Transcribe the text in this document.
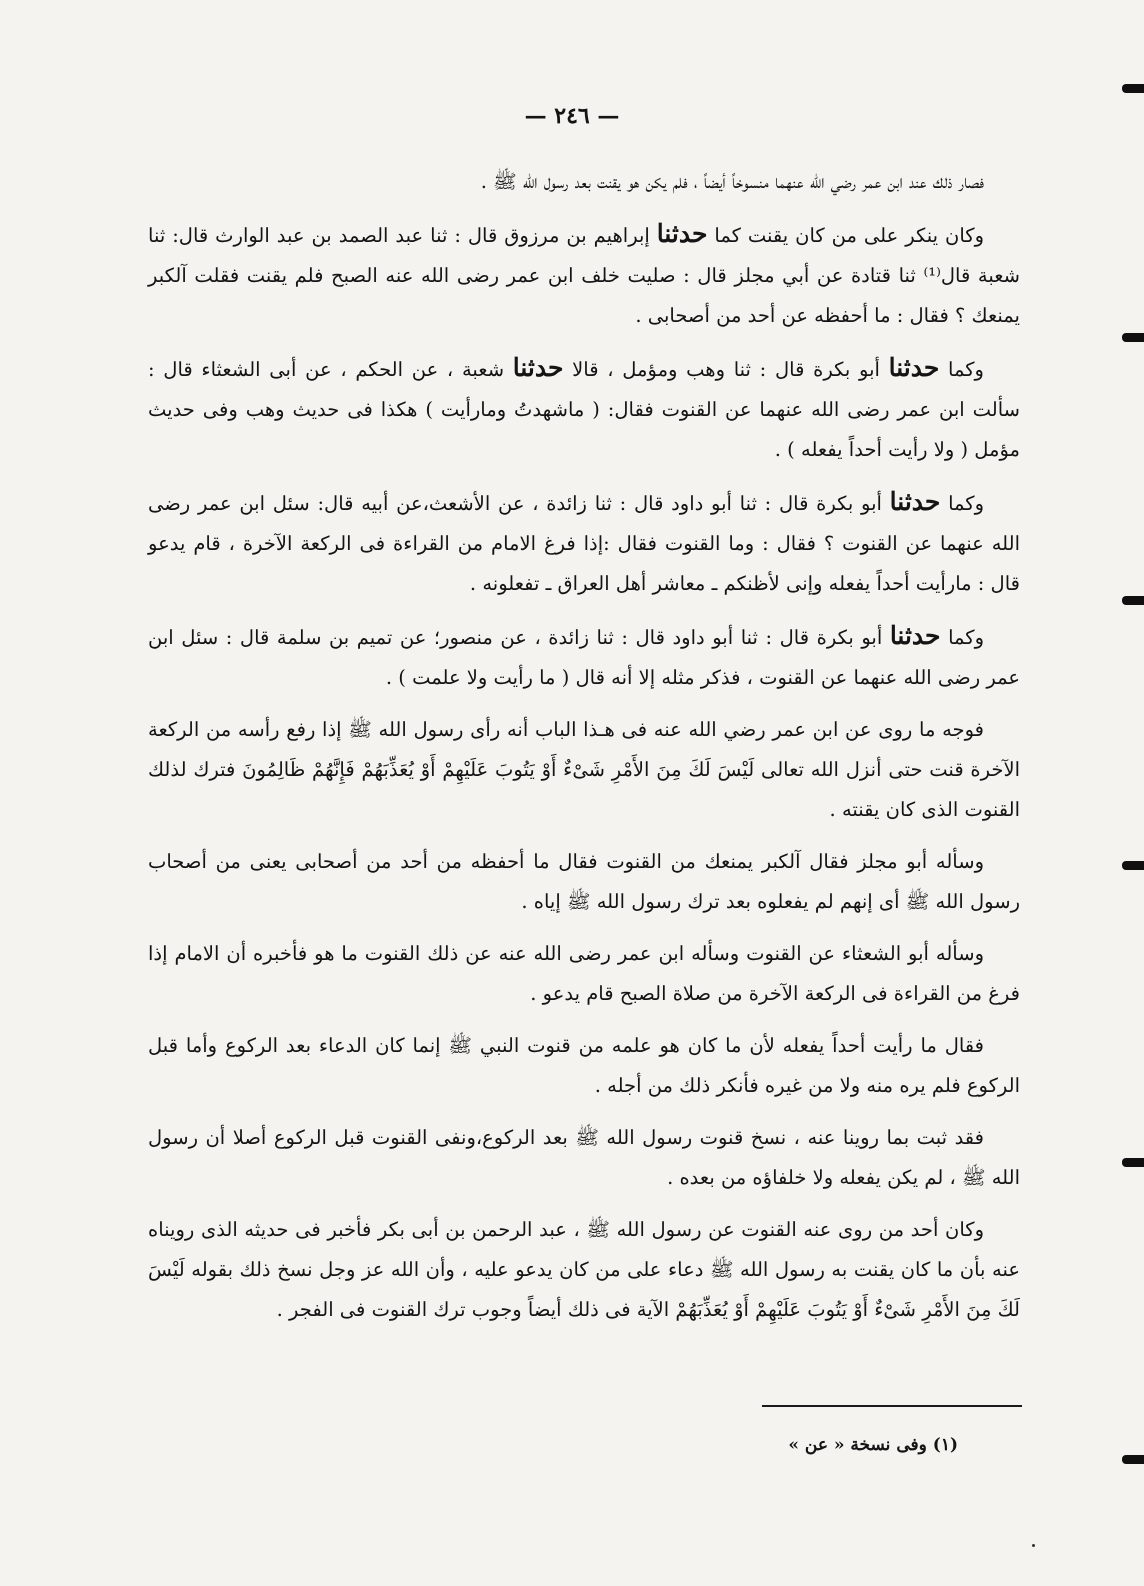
— ٢٤٦ —

فصار ذلك عند ابن عمر رضي الله عنهما منسوخاً أيضاً ، فلم يكن هو يقنت بعد رسول الله ﷺ .

وكان ينكر على من كان يقنت كما حدثنا إبراهيم بن مرزوق قال : ثنا عبد الصمد بن عبد الوارث قال: ثنا شعبة قال⁽¹⁾ ثنا قتادة عن أبي مجلز قال : صليت خلف ابن عمر رضى الله عنه الصبح فلم يقنت فقلت آلكبر يمنعك ؟ فقال : ما أحفظه عن أحد من أصحابى .

وكما حدثنا أبو بكرة قال : ثنا وهب ومؤمل ، قالا حدثنا شعبة ، عن الحكم ، عن أبى الشعثاء قال : سألت ابن عمر رضى الله عنهما عن القنوت فقال: ( ماشهدتُ ومارأيت ) هكذا فى حديث وهب وفى حديث مؤمل ( ولا رأيت أحداً يفعله ) .

وكما حدثنا أبو بكرة قال : ثنا أبو داود قال : ثنا زائدة ، عن الأشعث،عن أبيه قال: سئل ابن عمر رضى الله عنهما عن القنوت ؟ فقال : وما القنوت فقال :إذا فرغ الامام من القراءة فى الركعة الآخرة ، قام يدعو قال : مارأيت أحداً يفعله وإنى لأظنكم ـ معاشر أهل العراق ـ تفعلونه .

وكما حدثنا أبو بكرة قال : ثنا أبو داود قال : ثنا زائدة ، عن منصور؛ عن تميم بن سلمة قال : سئل ابن عمر رضى الله عنهما عن القنوت ، فذكر مثله إلا أنه قال ( ما رأيت ولا علمت ) .

فوجه ما روى عن ابن عمر رضي الله عنه فى هـذا الباب أنه رأى رسول الله ﷺ إذا رفع رأسه من الركعة الآخرة قنت حتى أنزل الله تعالى لَيْسَ لَكَ مِنَ الأَمْرِ شَىْءٌ أَوْ يَتُوبَ عَلَيْهِمْ أَوْ يُعَذِّبَهُمْ فَإِنَّهُمْ ظَالِمُونَ فترك لذلك القنوت الذى كان يقنته .

وسأله أبو مجلز فقال آلكبر يمنعك من القنوت فقال ما أحفظه من أحد من أصحابى يعنى من أصحاب رسول الله ﷺ أى إنهم لم يفعلوه بعد ترك رسول الله ﷺ إياه .

وسأله أبو الشعثاء عن القنوت وسأله ابن عمر رضى الله عنه عن ذلك القنوت ما هو فأخبره أن الامام إذا فرغ من القراءة فى الركعة الآخرة من صلاة الصبح قام يدعو .

فقال ما رأيت أحداً يفعله لأن ما كان هو علمه من قنوت النبي ﷺ إنما كان الدعاء بعد الركوع وأما قبل الركوع فلم يره منه ولا من غيره فأنكر ذلك من أجله .

فقد ثبت بما روينا عنه ، نسخ قنوت رسول الله ﷺ بعد الركوع،ونفى القنوت قبل الركوع أصلا أن رسول الله ﷺ ، لم يكن يفعله ولا خلفاؤه من بعده .

وكان أحد من روى عنه القنوت عن رسول الله ﷺ ، عبد الرحمن بن أبى بكر فأخبر فى حديثه الذى رويناه عنه بأن ما كان يقنت به رسول الله ﷺ دعاء على من كان يدعو عليه ، وأن الله عز وجل نسخ ذلك بقوله لَيْسَ لَكَ مِنَ الأَمْرِ شَىْءٌ أَوْ يَتُوبَ عَلَيْهِمْ أَوْ يُعَذِّبَهُمْ الآية فى ذلك أيضاً وجوب ترك القنوت فى الفجر .

(١) وفى نسخة « عن »
